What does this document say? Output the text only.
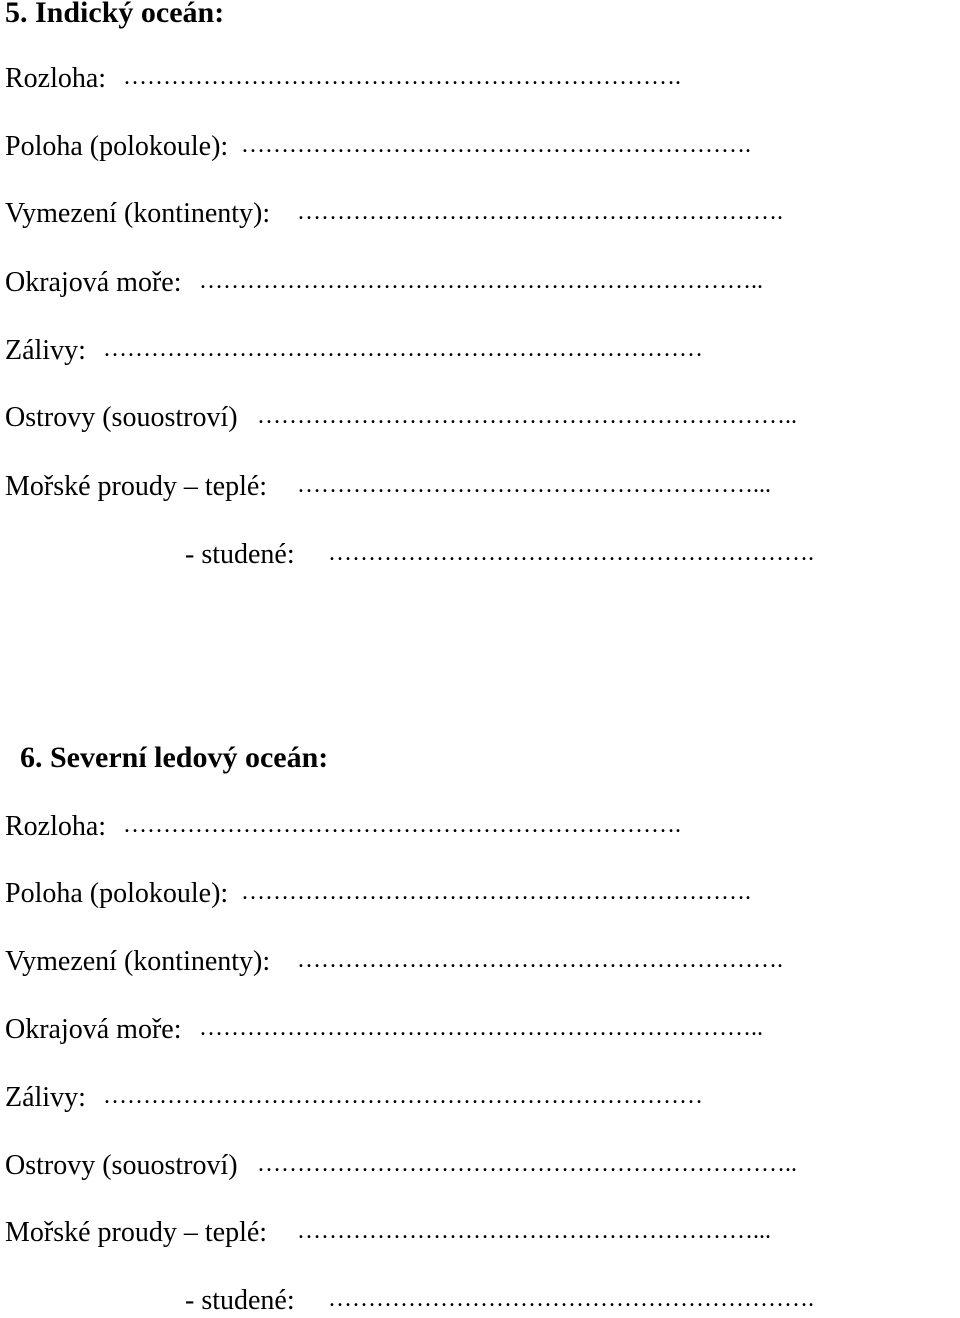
5. Indický oceán:
Rozloha: …………………………………………………………….
Poloha (polokoule): ……………………………………………………….
Vymezení (kontinenty): …………………………………………………….
Okrajová moře: ……………………………………………………………..
Zálivy: …………………………………………………………………
Ostrovy (souostroví) …………………………………………………………..
Mořské proudy – teplé: …………………………………………………...
- studené: …………………………………………………….
6. Severní ledový oceán:
Rozloha: …………………………………………………………….
Poloha (polokoule): ……………………………………………………….
Vymezení (kontinenty): …………………………………………………….
Okrajová moře: ……………………………………………………………..
Zálivy: …………………………………………………………………
Ostrovy (souostroví) …………………………………………………………..
Mořské proudy – teplé: …………………………………………………...
- studené: …………………………………………………….
